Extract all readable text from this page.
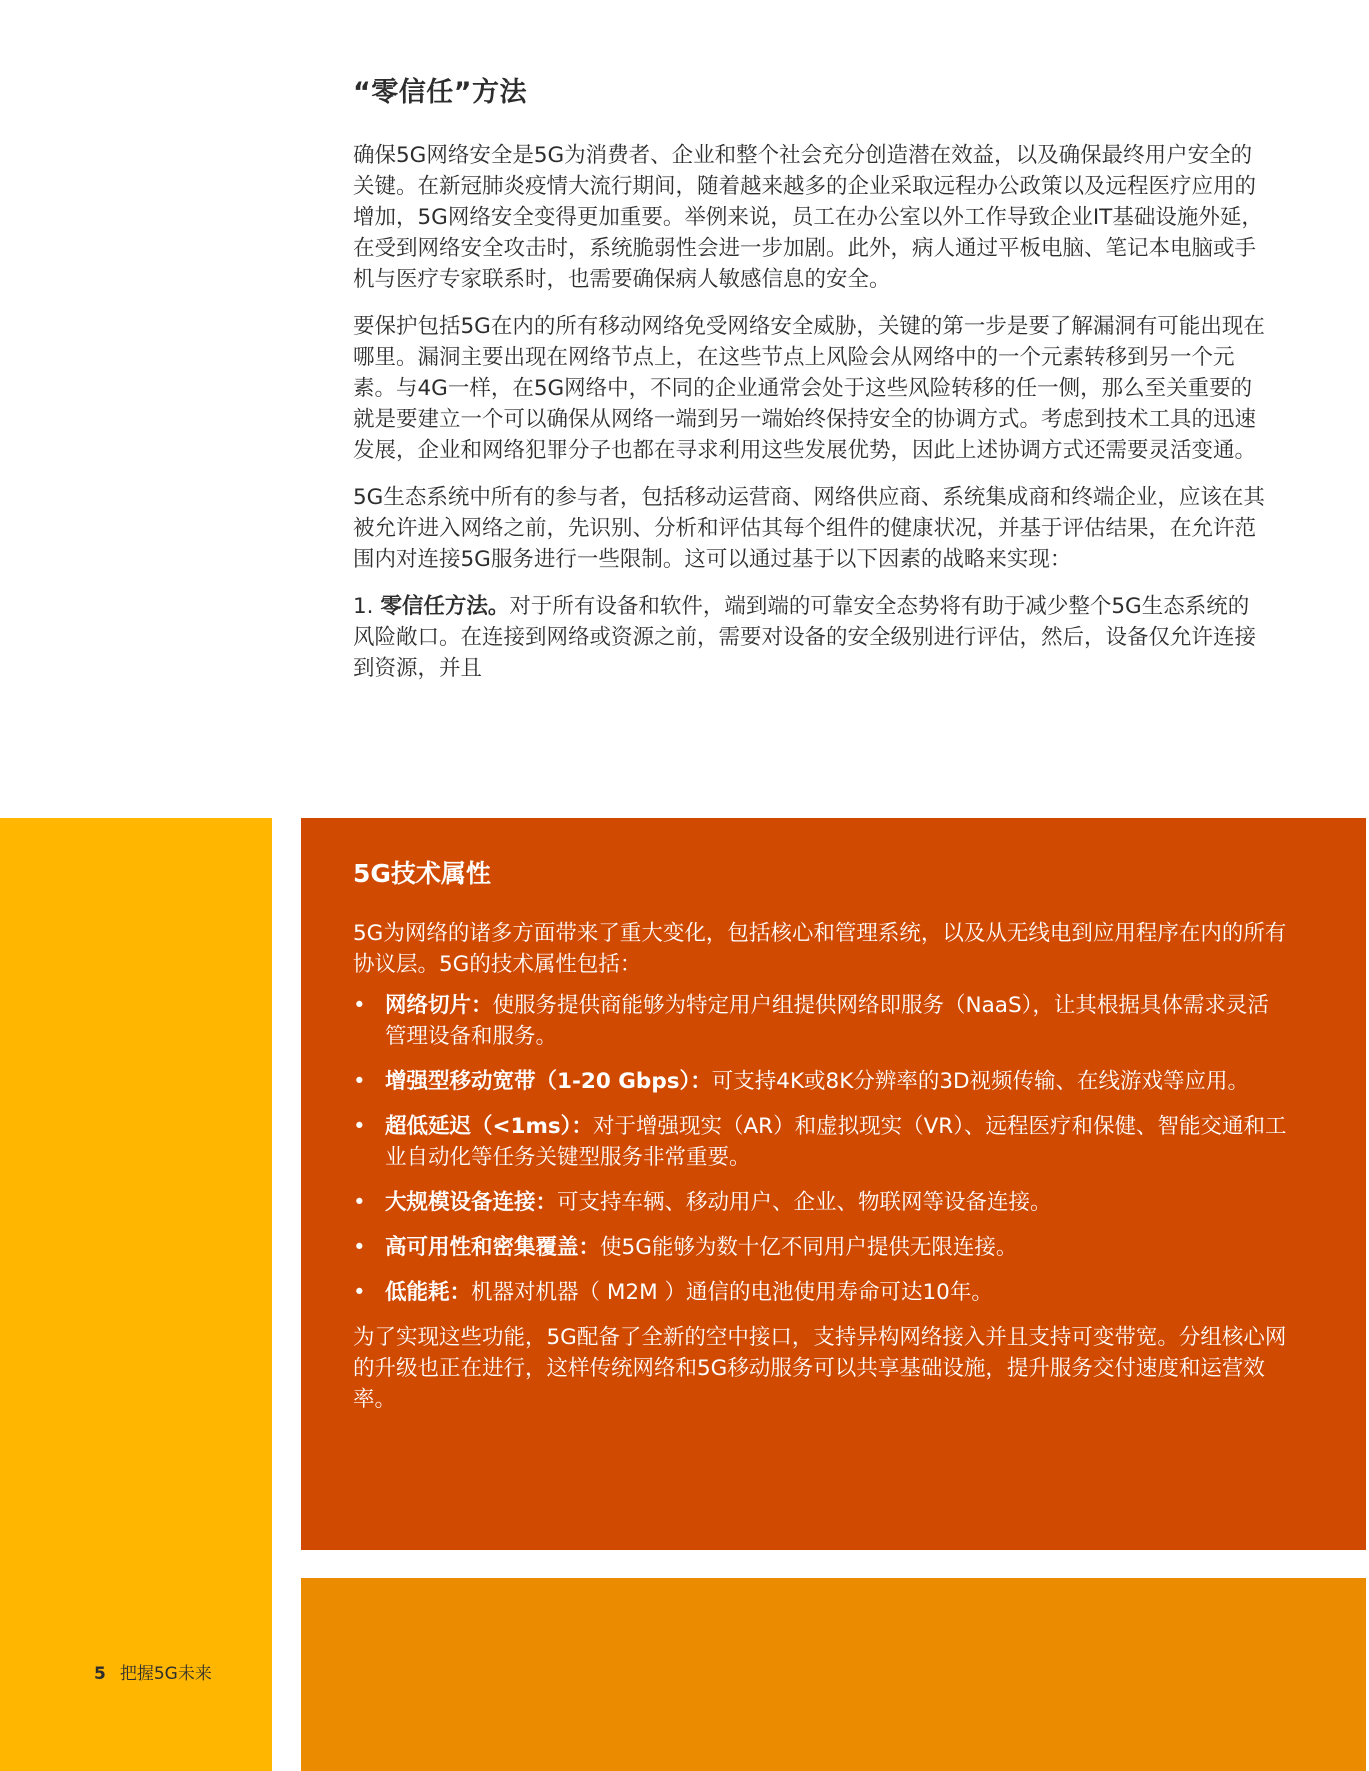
“零信任”方法

确保5G网络安全是5G为消费者、企业和整个社会充分创造潜在效益，以及确保最终用户安全的关键。在新冠肺炎疫情大流行期间，随着越来越多的企业采取远程办公政策以及远程医疗应用的增加，5G网络安全变得更加重要。举例来说，员工在办公室以外工作导致企业IT基础设施外延，在受到网络安全攻击时，系统脆弱性会进一步加剧。此外，病人通过平板电脑、笔记本电脑或手机与医疗专家联系时，也需要确保病人敏感信息的安全。

要保护包括5G在内的所有移动网络免受网络安全威胁，关键的第一步是要了解漏洞有可能出现在哪里。漏洞主要出现在网络节点上，在这些节点上风险会从网络中的一个元素转移到另一个元素。与4G一样，在5G网络中，不同的企业通常会处于这些风险转移的任一侧，那么至关重要的就是要建立一个可以确保从网络一端到另一端始终保持安全的协调方式。考虑到技术工具的迅速发展，企业和网络犯罪分子也都在寻求利用这些发展优势，因此上述协调方式还需要灵活变通。

5G生态系统中所有的参与者，包括移动运营商、网络供应商、系统集成商和终端企业，应该在其被允许进入网络之前，先识别、分析和评估其每个组件的健康状况，并基于评估结果，在允许范围内对连接5G服务进行一些限制。这可以通过基于以下因素的战略来实现：

1. 零信任方法。对于所有设备和软件，端到端的可靠安全态势将有助于减少整个5G生态系统的风险敞口。在连接到网络或资源之前，需要对设备的安全级别进行评估，然后，设备仅允许连接到资源，并且

5G技术属性

5G为网络的诸多方面带来了重大变化，包括核心和管理系统，以及从无线电到应用程序在内的所有协议层。5G的技术属性包括：

• 网络切片：使服务提供商能够为特定用户组提供网络即服务（NaaS），让其根据具体需求灵活管理设备和服务。
• 增强型移动宽带（1-20 Gbps）：可支持4K或8K分辨率的3D视频传输、在线游戏等应用。
• 超低延迟（<1ms）：对于增强现实（AR）和虚拟现实（VR）、远程医疗和保健、智能交通和工业自动化等任务关键型服务非常重要。
• 大规模设备连接：可支持车辆、移动用户、企业、物联网等设备连接。
• 高可用性和密集覆盖：使5G能够为数十亿不同用户提供无限连接。
• 低能耗：机器对机器（ M2M ）通信的电池使用寿命可达10年。

为了实现这些功能，5G配备了全新的空中接口，支持异构网络接入并且支持可变带宽。分组核心网的升级也正在进行，这样传统网络和5G移动服务可以共享基础设施，提升服务交付速度和运营效率。

5 把握5G未来
